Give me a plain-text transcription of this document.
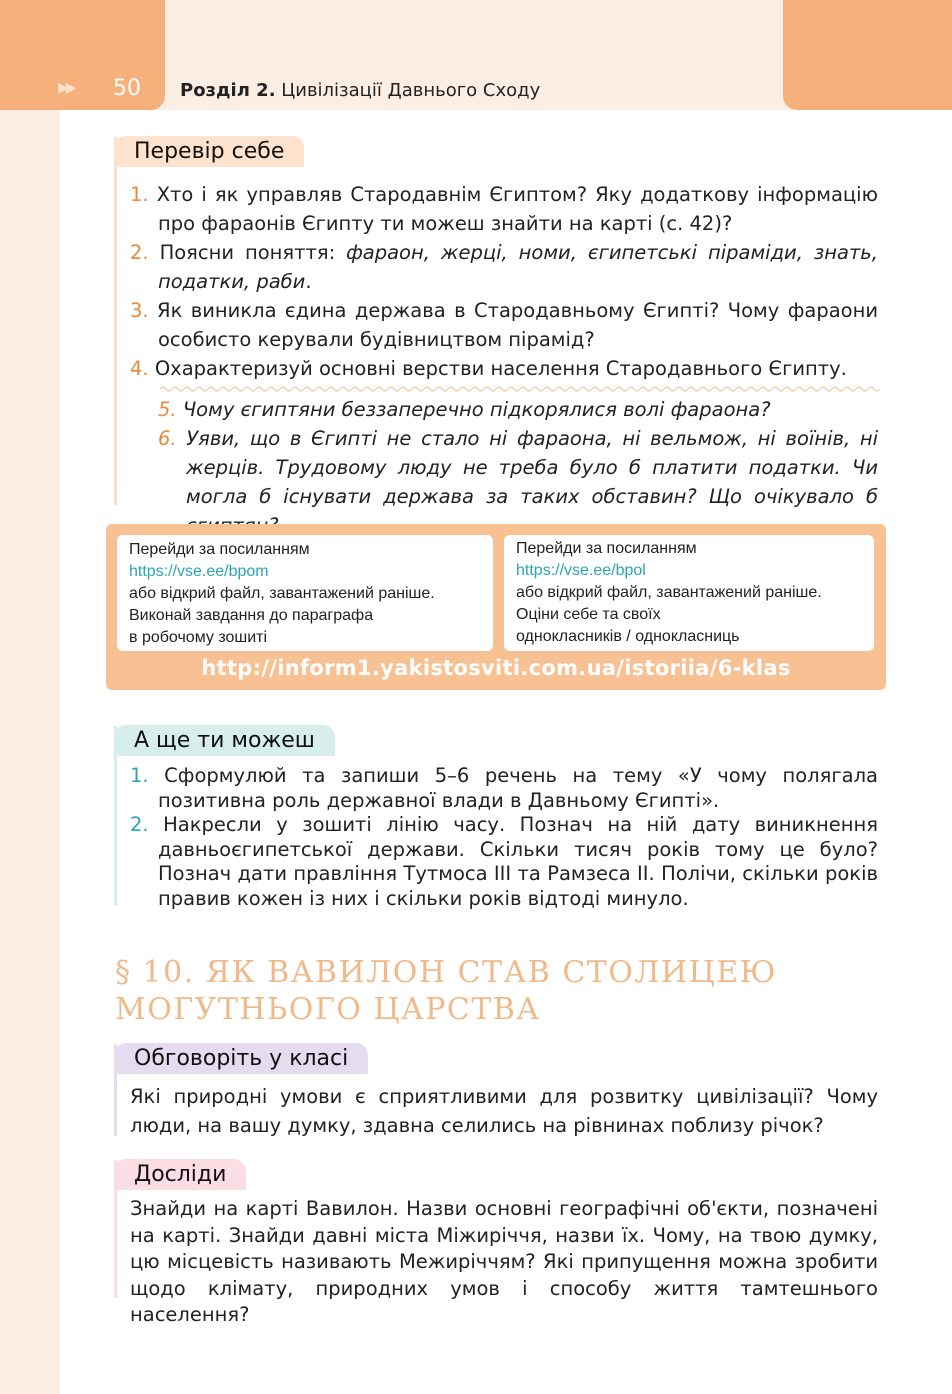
▶▶ 50 Розділ 2. Цивілізації Давнього Сходу
Перевір себе
1. Хто і як управляв Стародавнім Єгиптом? Яку додаткову інформацію про фараонів Єгипту ти можеш знайти на карті (с. 42)?
2. Поясни поняття: фараон, жерці, номи, єгипетські піраміди, знать, податки, раби.
3. Як виникла єдина держава в Стародавньому Єгипті? Чому фараони особисто керували будівництвом пірамід?
4. Охарактеризуй основні верстви населення Стародавнього Єгипту.
5. Чому єгиптяни беззаперечно підкорялися волі фараона?
6. Уяви, що в Єгипті не стало ні фараона, ні вельмож, ні воїнів, ні жерців. Трудовому люду не треба було б платити податки. Чи могла б існувати держава за таких обставин? Що очікувало б
Перейди за посиланням
https://vse.ee/bpom
або відкрий файл, завантажений раніше.
Виконай завдання до параграфа
в робочому зошиті
Перейди за посиланням
https://vse.ee/bpol
або відкрий файл, завантажений раніше.
Оціни себе та своїх
однокласників / однокласниць
http://inform1.yakistosviti.com.ua/istoriia/6-klas
А ще ти можеш
1. Сформулюй та запиши 5–6 речень на тему «У чому полягала позитивна роль державної влади в Давньому Єгипті».
2. Накресли у зошиті лінію часу. Познач на ній дату виникнення давньоєгипетської держави. Скільки тисяч років тому це було? Познач дати правління Тутмоса ІІІ та Рамзеса ІІ. Полічи, скільки років правив кожен із них і скільки років відтоді минуло.
§ 10. ЯК ВАВИЛОН СТАВ СТОЛИЦЕЮ
МОГУТНЬОГО ЦАРСТВА
Обговоріть у класі
Які природні умови є сприятливими для розвитку цивілізації? Чому люди, на вашу думку, здавна селились на рівнинах поблизу річок?
Досліди
Знайди на карті Вавилон. Назви основні географічні об'єкти, позначені на карті. Знайди давні міста Міжиріччя, назви їх. Чому, на твою думку, цю місцевість називають Межиріччям? Які припущення можна зробити щодо клімату, природних умов і способу життя тамтешнього населення?
